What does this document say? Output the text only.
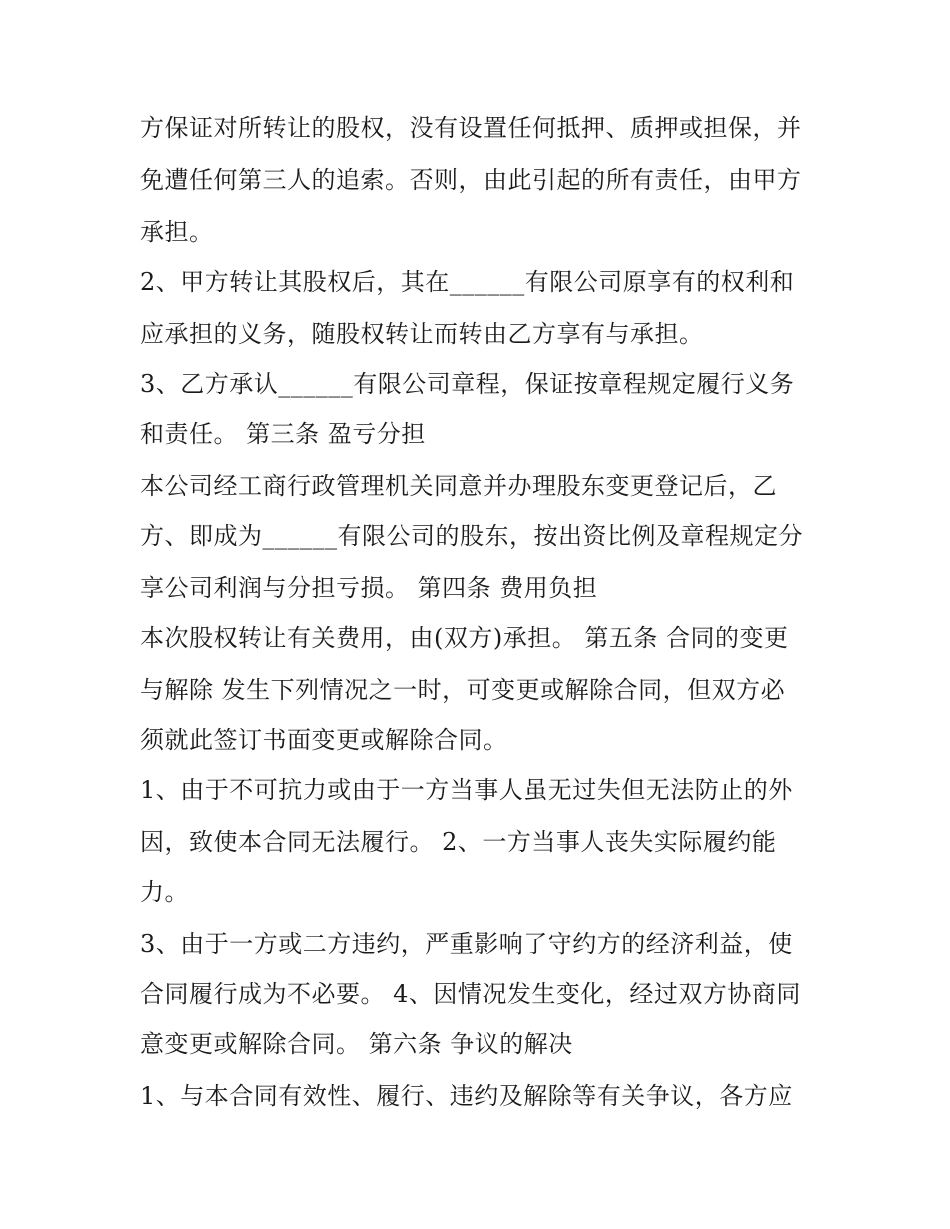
方保证对所转让的股权，没有设置任何抵押、质押或担保，并
免遭任何第三人的追索。否则，由此引起的所有责任，由甲方
承担。
2、甲方转让其股权后，其在______有限公司原享有的权利和
应承担的义务，随股权转让而转由乙方享有与承担。
3、乙方承认______有限公司章程，保证按章程规定履行义务
和责任。 第三条 盈亏分担
本公司经工商行政管理机关同意并办理股东变更登记后，乙
方、即成为______有限公司的股东，按出资比例及章程规定分
享公司利润与分担亏损。 第四条 费用负担
本次股权转让有关费用，由(双方)承担。 第五条 合同的变更
与解除 发生下列情况之一时，可变更或解除合同，但双方必
须就此签订书面变更或解除合同。
1、由于不可抗力或由于一方当事人虽无过失但无法防止的外
因，致使本合同无法履行。 2、一方当事人丧失实际履约能
力。
3、由于一方或二方违约，严重影响了守约方的经济利益，使
合同履行成为不必要。 4、因情况发生变化，经过双方协商同
意变更或解除合同。 第六条 争议的解决
1、与本合同有效性、履行、违约及解除等有关争议，各方应
